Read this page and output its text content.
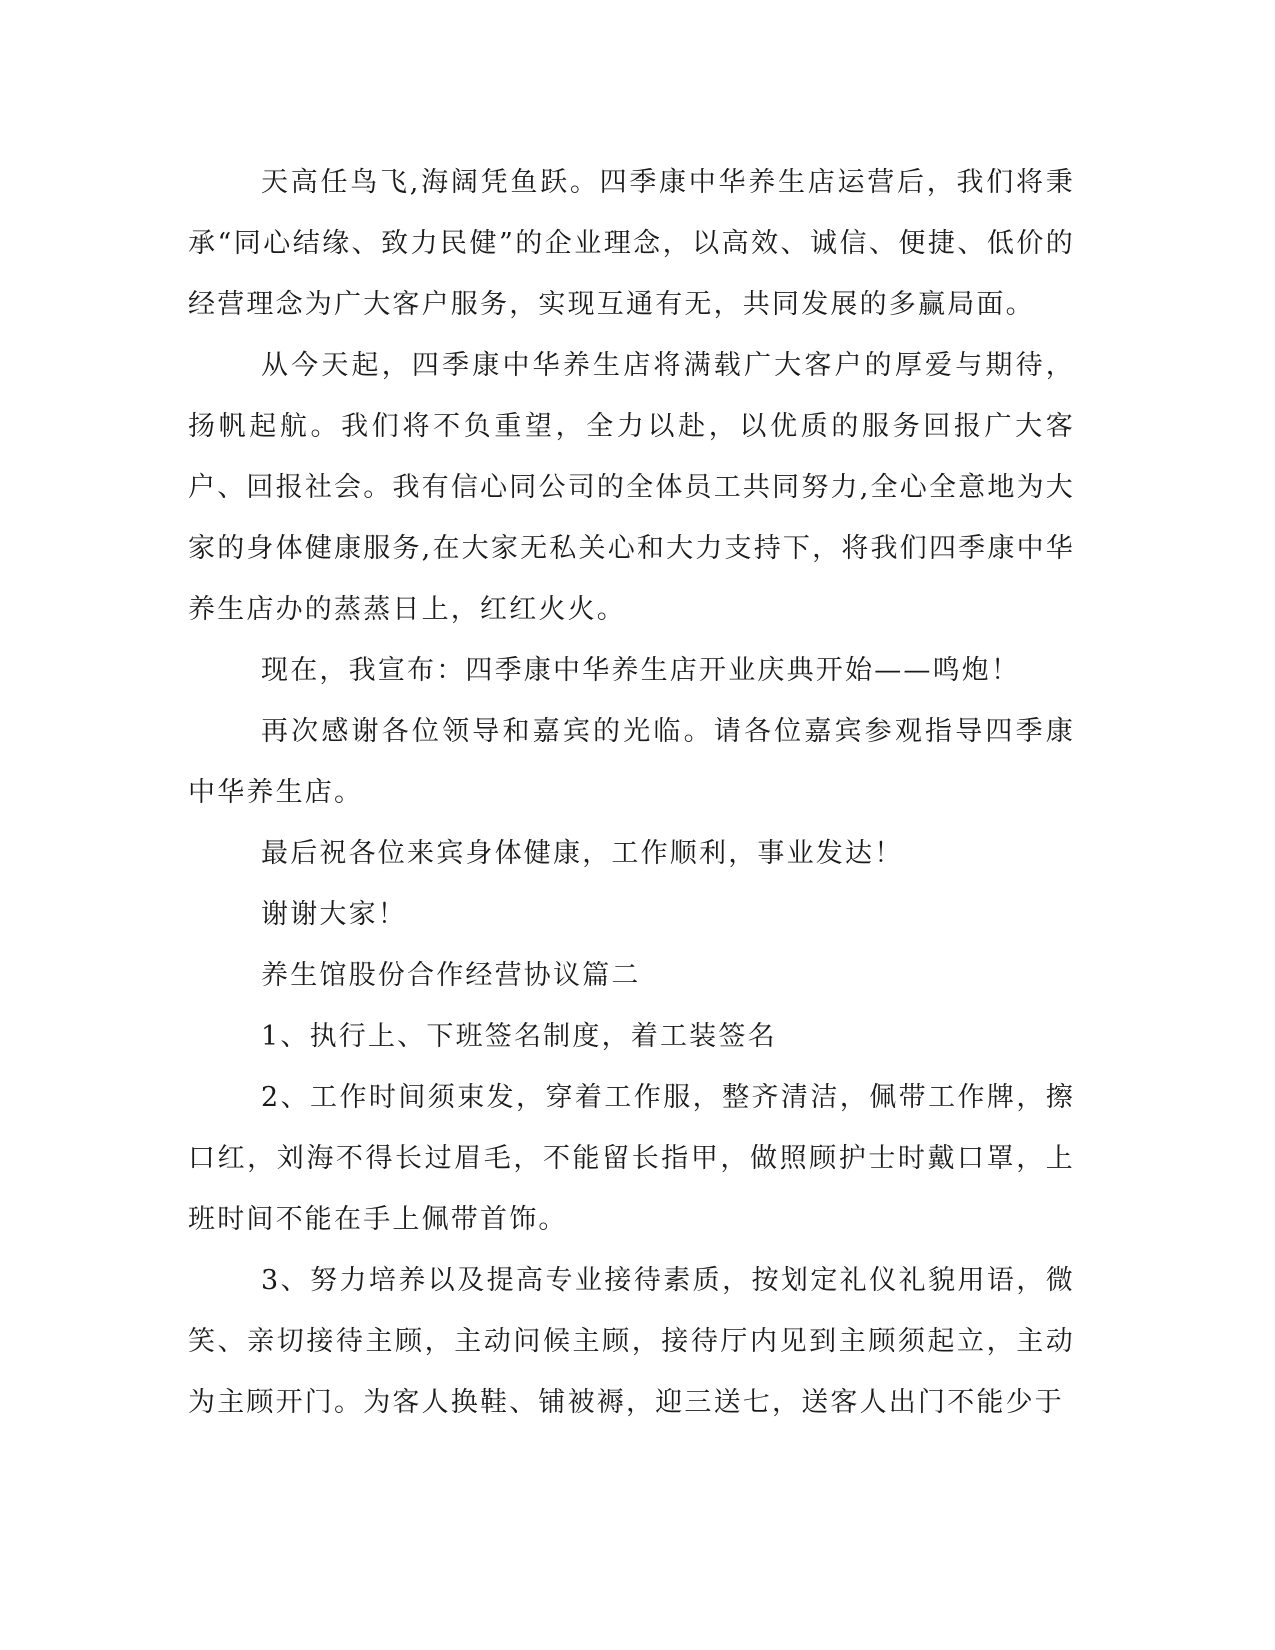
天高任鸟飞,海阔凭鱼跃。四季康中华养生店运营后，我们将秉承“同心结缘、致力民健”的企业理念，以高效、诚信、便捷、低价的经营理念为广大客户服务，实现互通有无，共同发展的多赢局面。

从今天起，四季康中华养生店将满载广大客户的厚爱与期待，扬帆起航。我们将不负重望，全力以赴，以优质的服务回报广大客户、回报社会。我有信心同公司的全体员工共同努力,全心全意地为大家的身体健康服务,在大家无私关心和大力支持下，将我们四季康中华养生店办的蒸蒸日上，红红火火。

现在，我宣布：四季康中华养生店开业庆典开始——鸣炮！

再次感谢各位领导和嘉宾的光临。请各位嘉宾参观指导四季康中华养生店。

最后祝各位来宾身体健康，工作顺利，事业发达！

谢谢大家！

养生馆股份合作经营协议篇二

1、执行上、下班签名制度，着工装签名

2、工作时间须束发，穿着工作服，整齐清洁，佩带工作牌，擦口红，刘海不得长过眉毛，不能留长指甲，做照顾护士时戴口罩，上班时间不能在手上佩带首饰。

3、努力培养以及提高专业接待素质，按划定礼仪礼貌用语，微笑、亲切接待主顾，主动问候主顾，接待厅内见到主顾须起立，主动为主顾开门。为客人换鞋、铺被褥，迎三送七，送客人出门不能少于
